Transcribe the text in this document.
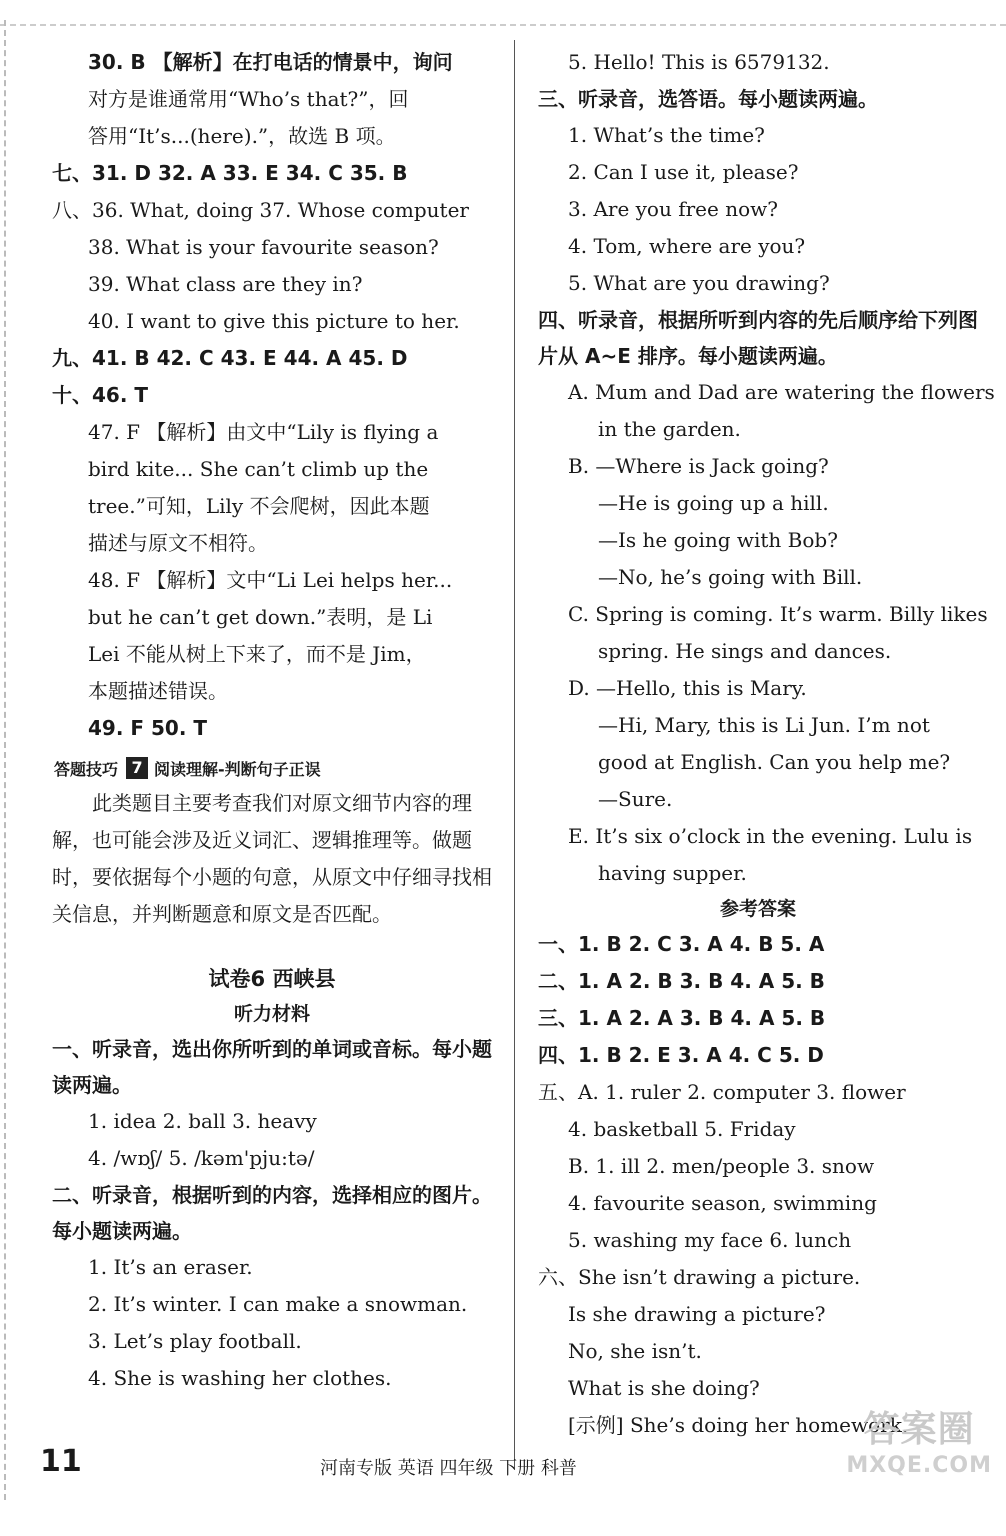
30. B 【解析】在打电话的情景中，询问
对方是谁通常用“Who’s that?”，回
答用“It’s...(here).”，故选 B 项。
七、31. D 32. A 33. E 34. C 35. B
八、36. What, doing 37. Whose computer
38. What is your favourite season?
39. What class are they in?
40. I want to give this picture to her.
九、41. B 42. C 43. E 44. A 45. D
十、46. T
47. F 【解析】由文中“Lily is flying a
bird kite... She can’t climb up the
tree.”可知，Lily 不会爬树，因此本题
描述与原文不相符。
48. F 【解析】文中“Li Lei helps her...
but he can’t get down.”表明，是 Li
Lei 不能从树上下来了，而不是 Jim，
本题描述错误。
49. F 50. T
答题技巧 7 阅读理解-判断句子正误
此类题目主要考查我们对原文细节内容的理解，也可能会涉及近义词汇、逻辑推理等。做题时，要依据每个小题的句意，从原文中仔细寻找相关信息，并判断题意和原文是否匹配。
试卷6 西峡县
听力材料
一、听录音，选出你所听到的单词或音标。每小题读两遍。
1. idea 2. ball 3. heavy
4. /wɒʃ/ 5. /kəm'pju:tə/
二、听录音，根据听到的内容，选择相应的图片。每小题读两遍。
1. It’s an eraser.
2. It’s winter. I can make a snowman.
3. Let’s play football.
4. She is washing her clothes.
5. Hello! This is 6579132.
三、听录音，选答语。每小题读两遍。
1. What’s the time?
2. Can I use it, please?
3. Are you free now?
4. Tom, where are you?
5. What are you drawing?
四、听录音，根据所听到内容的先后顺序给下列图片从 A~E 排序。每小题读两遍。
A. Mum and Dad are watering the flowers
in the garden.
B. —Where is Jack going?
—He is going up a hill.
—Is he going with Bob?
—No, he’s going with Bill.
C. Spring is coming. It’s warm. Billy likes
spring. He sings and dances.
D. —Hello, this is Mary.
—Hi, Mary, this is Li Jun. I’m not
good at English. Can you help me?
—Sure.
E. It’s six o’clock in the evening. Lulu is
having supper.
参考答案
一、1. B 2. C 3. A 4. B 5. A
二、1. A 2. B 3. B 4. A 5. B
三、1. A 2. A 3. B 4. A 5. B
四、1. B 2. E 3. A 4. C 5. D
五、A. 1. ruler 2. computer 3. flower
4. basketball 5. Friday
B. 1. ill 2. men/people 3. snow
4. favourite season, swimming
5. washing my face 6. lunch
六、She isn’t drawing a picture.
Is she drawing a picture?
No, she isn’t.
What is she doing?
[示例] She’s doing her homework.
11	河南专版 英语 四年级 下册 科普
答案圈
MXQE.COM
